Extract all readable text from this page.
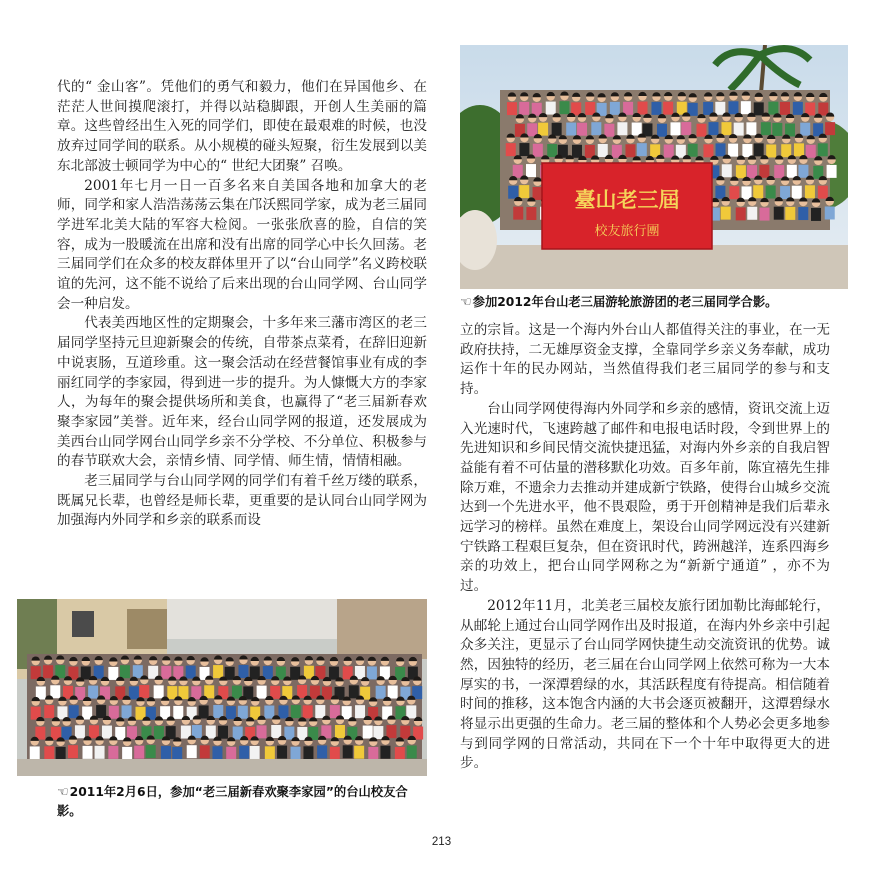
代的“ 金山客”。凭他们的勇气和毅力，他们在异国他乡、在茫茫人世间摸爬滚打，并得以站稳脚跟，开创人生美丽的篇章。这些曾经出生入死的同学们，即使在最艰难的时候，也没放弃过同学间的联系。从小规模的碰头短聚，衍生发展到以美东北部波士顿同学为中心的“ 世纪大团聚” 召唤。

2001年七月一日一百多名来自美国各地和加拿大的老师，同学和家人浩浩荡荡云集在邝沃熙同学家，成为老三届同学进军北美大陆的军容大检阅。一张张欣喜的脸，自信的笑容，成为一股暖流在出席和没有出席的同学心中长久回荡。老三届同学们在众多的校友群体里开了以“台山同学”名义跨校联谊的先河，这不能不说给了后来出现的台山同学网、台山同学会一种启发。

代表美西地区性的定期聚会，十多年来三藩市湾区的老三届同学坚持元旦迎新聚会的传统，自带茶点菜肴，在辞旧迎新中说衷肠，互道珍重。这一聚会活动在经营餐馆事业有成的李丽红同学的李家园，得到进一步的提升。为人慷慨大方的李家人，为每年的聚会提供场所和美食，也赢得了“老三届新春欢聚李家园”美誉。近年来，经台山同学网的报道，还发展成为美西台山同学网台山同学乡亲不分学校、不分单位、积极参与的春节联欢大会，亲情乡情、同学情、师生情，情情相融。

老三届同学与台山同学网的同学们有着千丝万缕的联系，既属兄长辈，也曾经是师长辈，更重要的是认同台山同学网为加强海内外同学和乡亲的联系而设

臺山老三屆
校友旅行團
☜参加2012年台山老三届游轮旅游团的老三届同学合影。

立的宗旨。这是一个海内外台山人都值得关注的事业，在一无政府扶持，二无雄厚资金支撑，全靠同学乡亲义务奉献，成功运作十年的民办网站，当然值得我们老三届同学的参与和支持。

台山同学网使得海内外同学和乡亲的感情，资讯交流上迈入光速时代，飞速跨越了邮件和电报电话时段，令到世界上的先进知识和乡间民情交流快捷迅猛，对海内外乡亲的自我启智益能有着不可估量的潜移默化功效。百多年前，陈宜禧先生排除万难，不遗余力去推动并建成新宁铁路，使得台山城乡交流达到一个先进水平，他不畏艰险，勇于开创精神是我们后辈永远学习的榜样。虽然在难度上，架设台山同学网远没有兴建新宁铁路工程艰巨复杂，但在资讯时代，跨洲越洋，连系四海乡亲的功效上，把台山同学网称之为“新新宁通道” ，亦不为过。

2012年11月，北美老三届校友旅行团加勒比海邮轮行，从邮轮上通过台山同学网作出及时报道，在海内外乡亲中引起众多关注，更显示了台山同学网快捷生动交流资讯的优势。诚然，因独特的经历，老三届在台山同学网上依然可称为一大本厚实的书，一深潭碧绿的水，其活跃程度有待提高。相信随着时间的推移，这本饱含内涵的大书会逐页被翻开，这潭碧绿水将显示出更强的生命力。老三届的整体和个人势必会更多地参与到同学网的日常活动，共同在下一个十年中取得更大的进步。

☜2011年2月6日，参加“老三届新春欢聚李家园”的台山校友合影。
213
